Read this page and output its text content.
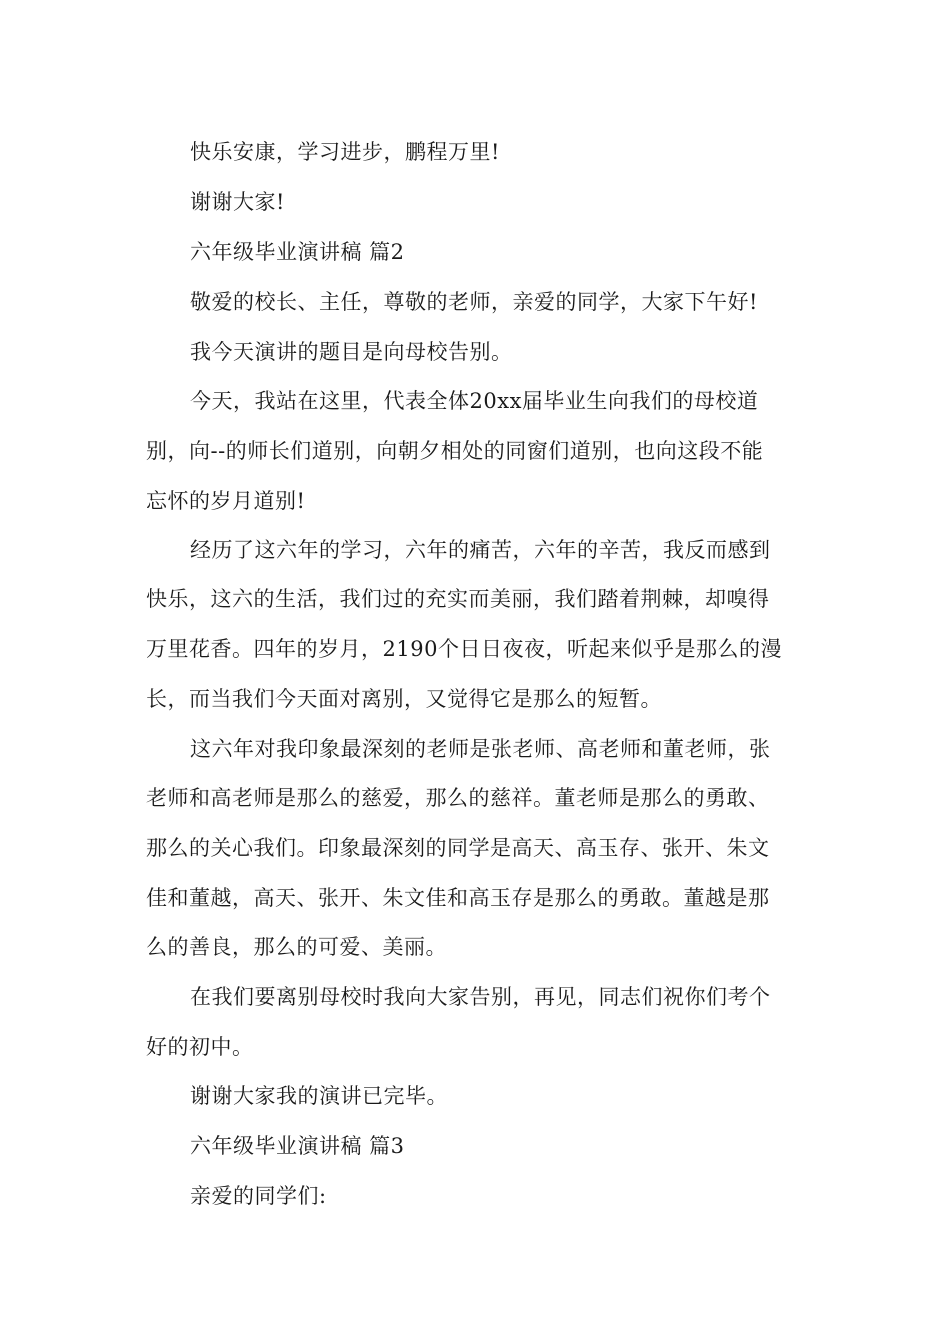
快乐安康，学习进步，鹏程万里!
谢谢大家!
六年级毕业演讲稿 篇2
敬爱的校长、主任，尊敬的老师，亲爱的同学，大家下午好!
我今天演讲的题目是向母校告别。
今天，我站在这里，代表全体20xx届毕业生向我们的母校道
别，向--的师长们道别，向朝夕相处的同窗们道别，也向这段不能
忘怀的岁月道别!
经历了这六年的学习，六年的痛苦，六年的辛苦，我反而感到
快乐，这六的生活，我们过的充实而美丽，我们踏着荆棘，却嗅得
万里花香。四年的岁月，2190个日日夜夜，听起来似乎是那么的漫
长，而当我们今天面对离别，又觉得它是那么的短暂。
这六年对我印象最深刻的老师是张老师、高老师和董老师，张
老师和高老师是那么的慈爱，那么的慈祥。董老师是那么的勇敢、
那么的关心我们。印象最深刻的同学是高天、高玉存、张开、朱文
佳和董越，高天、张开、朱文佳和高玉存是那么的勇敢。董越是那
么的善良，那么的可爱、美丽。
在我们要离别母校时我向大家告别，再见，同志们祝你们考个
好的初中。
谢谢大家我的演讲已完毕。
六年级毕业演讲稿 篇3
亲爱的同学们:
